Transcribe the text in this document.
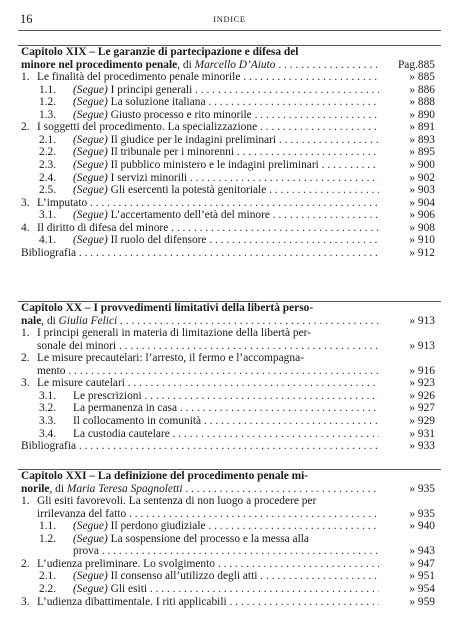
16	INDICE
Capitolo XIX – Le garanzie di partecipazione e difesa del
minore nel procedimento penale, di Marcello D’Aiuto . . .	Pag.885
1. Le finalità del procedimento penale minorile . . .	» 885
1.1. (Segue) I principi generali . . .	» 886
1.2. (Segue) La soluzione italiana . . .	» 888
1.3. (Segue) Giusto processo e rito minorile . . .	» 890
2. I soggetti del procedimento. La specializzazione . . .	» 891
2.1. (Segue) Il giudice per le indagini preliminari . . .	» 893
2.2. (Segue) Il tribunale per i minorenni . . .	» 895
2.3. (Segue) Il pubblico ministero e le indagini preliminari . . .	» 900
2.4. (Segue) I servizi minorili . . .	» 902
2.5. (Segue) Gli esercenti la potestà genitoriale . . .	» 903
3. L’imputato . . .	» 904
3.1. (Segue) L’accertamento dell’età del minore . . .	» 906
4. Il diritto di difesa del minore . . .	» 908
4.1. (Segue) Il ruolo del difensore . . .	» 910
Bibliografia . . .	» 912
Capitolo XX – I provvedimenti limitativi della libertà perso-
nale, di Giulia Felici . . .	» 913
1. I principi generali in materia di limitazione della libertà per-
sonale dei minori . . .	» 913
2. Le misure precautelari: l’arresto, il fermo e l’accompagna-
mento . . .	» 916
3. Le misure cautelari . . .	» 923
3.1. Le prescrizioni . . .	» 926
3.2. La permanenza in casa . . .	» 927
3.3. Il collocamento in comunità . . .	» 929
3.4. La custodia cautelare . . .	» 931
Bibliografia . . .	» 933
Capitolo XXI – La definizione del procedimento penale mi-
norile, di Maria Teresa Spagnoletti . . .	» 935
1. Gli esiti favorevoli. La sentenza di non luogo a procedere per
irrilevanza del fatto . . .	» 935
1.1. (Segue) Il perdono giudiziale . . .	» 940
1.2. (Segue) La sospensione del processo e la messa alla
prova . . .	» 943
2. L’udienza preliminare. Lo svolgimento . . .	» 947
2.1. (Segue) Il consenso all’utilizzo degli atti . . .	» 951
2.2. (Segue) Gli esiti . . .	» 954
3. L’udienza dibattimentale. I riti applicabili . . .	» 959
